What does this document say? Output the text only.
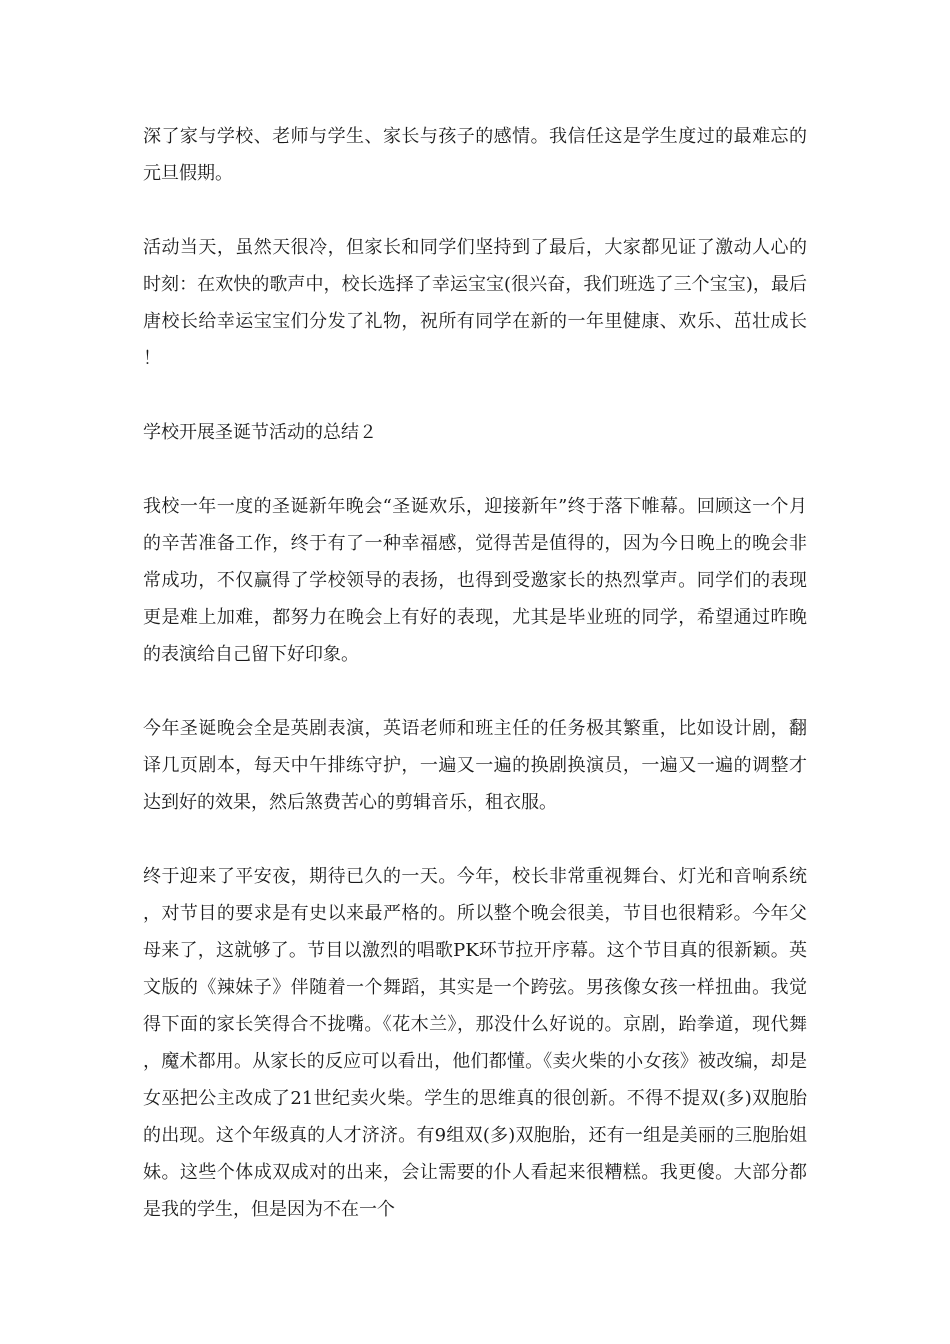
深了家与学校、老师与学生、家长与孩子的感情。我信任这是学生度过的最难忘的元旦假期。

活动当天，虽然天很冷，但家长和同学们坚持到了最后，大家都见证了激动人心的时刻：在欢快的歌声中，校长选择了幸运宝宝(很兴奋，我们班选了三个宝宝)，最后唐校长给幸运宝宝们分发了礼物，祝所有同学在新的一年里健康、欢乐、茁壮成长！

学校开展圣诞节活动的总结２

我校一年一度的圣诞新年晚会“圣诞欢乐，迎接新年”终于落下帷幕。回顾这一个月的辛苦准备工作，终于有了一种幸福感，觉得苦是值得的，因为今日晚上的晚会非常成功，不仅赢得了学校领导的表扬，也得到受邀家长的热烈掌声。同学们的表现更是难上加难，都努力在晚会上有好的表现，尤其是毕业班的同学，希望通过昨晚的表演给自己留下好印象。

今年圣诞晚会全是英剧表演，英语老师和班主任的任务极其繁重，比如设计剧，翻译几页剧本，每天中午排练守护，一遍又一遍的换剧换演员，一遍又一遍的调整才达到好的效果，然后煞费苦心的剪辑音乐，租衣服。

终于迎来了平安夜，期待已久的一天。今年，校长非常重视舞台、灯光和音响系统，对节目的要求是有史以来最严格的。所以整个晚会很美，节目也很精彩。今年父母来了，这就够了。节目以激烈的唱歌PK环节拉开序幕。这个节目真的很新颖。英文版的《辣妹子》伴随着一个舞蹈，其实是一个跨弦。男孩像女孩一样扭曲。我觉得下面的家长笑得合不拢嘴。《花木兰》，那没什么好说的。京剧，跆拳道，现代舞，魔术都用。从家长的反应可以看出，他们都懂。《卖火柴的小女孩》被改编，却是女巫把公主改成了21世纪卖火柴。学生的思维真的很创新。不得不提双(多)双胞胎的出现。这个年级真的人才济济。有9组双(多)双胞胎，还有一组是美丽的三胞胎姐妹。这些个体成双成对的出来，会让需要的仆人看起来很糟糕。我更傻。大部分都是我的学生，但是因为不在一个
